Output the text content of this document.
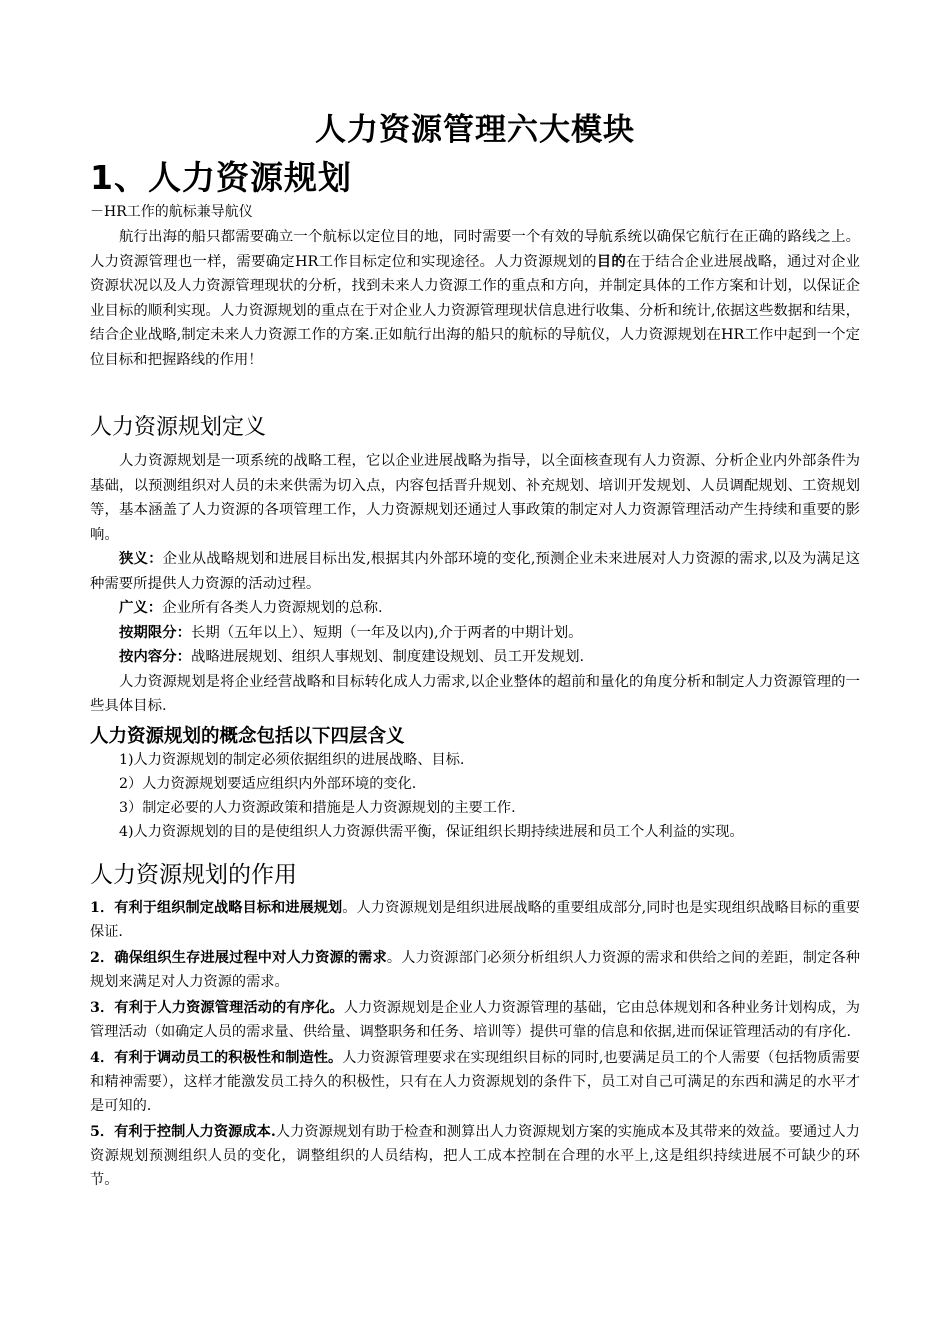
人力资源管理六大模块
1、人力资源规划
－HR工作的航标兼导航仪

航行出海的船只都需要确立一个航标以定位目的地，同时需要一个有效的导航系统以确保它航行在正确的路线之上。人力资源管理也一样，需要确定HR工作目标定位和实现途径。人力资源规划的目的在于结合企业进展战略，通过对企业资源状况以及人力资源管理现状的分析，找到未来人力资源工作的重点和方向，并制定具体的工作方案和计划，以保证企业目标的顺利实现。人力资源规划的重点在于对企业人力资源管理现状信息进行收集、分析和统计,依据这些数据和结果，结合企业战略,制定未来人力资源工作的方案.正如航行出海的船只的航标的导航仪，人力资源规划在HR工作中起到一个定位目标和把握路线的作用！

人力资源规划定义

人力资源规划是一项系统的战略工程，它以企业进展战略为指导，以全面核查现有人力资源、分析企业内外部条件为基础，以预测组织对人员的未来供需为切入点，内容包括晋升规划、补充规划、培训开发规划、人员调配规划、工资规划等，基本涵盖了人力资源的各项管理工作，人力资源规划还通过人事政策的制定对人力资源管理活动产生持续和重要的影响。

狭义：企业从战略规划和进展目标出发,根据其内外部环境的变化,预测企业未来进展对人力资源的需求,以及为满足这种需要所提供人力资源的活动过程。

广义：企业所有各类人力资源规划的总称.

按期限分：长期（五年以上）、短期（一年及以内),介于两者的中期计划。

按内容分：战略进展规划、组织人事规划、制度建设规划、员工开发规划.

人力资源规划是将企业经营战略和目标转化成人力需求,以企业整体的超前和量化的角度分析和制定人力资源管理的一些具体目标.

人力资源规划的概念包括以下四层含义
1)人力资源规划的制定必须依据组织的进展战略、目标.
2）人力资源规划要适应组织内外部环境的变化.
3）制定必要的人力资源政策和措施是人力资源规划的主要工作.
4)人力资源规划的目的是使组织人力资源供需平衡，保证组织长期持续进展和员工个人利益的实现。
人力资源规划的作用

1．有利于组织制定战略目标和进展规划。人力资源规划是组织进展战略的重要组成部分,同时也是实现组织战略目标的重要保证.

2．确保组织生存进展过程中对人力资源的需求。人力资源部门必须分析组织人力资源的需求和供给之间的差距，制定各种规划来满足对人力资源的需求。

3．有利于人力资源管理活动的有序化。人力资源规划是企业人力资源管理的基础，它由总体规划和各种业务计划构成，为管理活动（如确定人员的需求量、供给量、调整职务和任务、培训等）提供可靠的信息和依据,进而保证管理活动的有序化.

4．有利于调动员工的积极性和制造性。人力资源管理要求在实现组织目标的同时,也要满足员工的个人需要（包括物质需要和精神需要），这样才能激发员工持久的积极性，只有在人力资源规划的条件下，员工对自己可满足的东西和满足的水平才是可知的.

5．有利于控制人力资源成本.人力资源规划有助于检查和测算出人力资源规划方案的实施成本及其带来的效益。要通过人力资源规划预测组织人员的变化，调整组织的人员结构，把人工成本控制在合理的水平上,这是组织持续进展不可缺少的环节。
